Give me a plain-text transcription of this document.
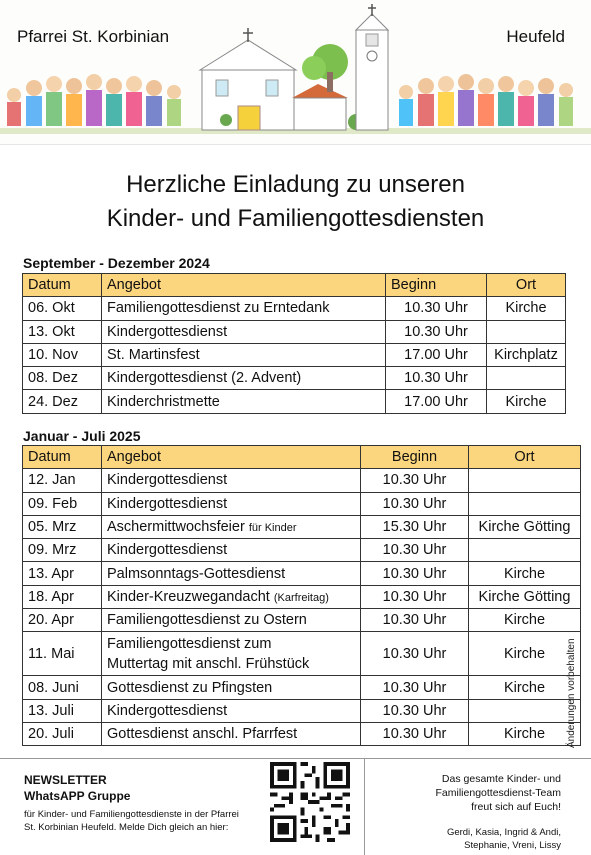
Pfarrei St. Korbinian	Heufeld
Herzliche Einladung zu unseren
Kinder- und Familiengottesdiensten
September - Dezember 2024
Datum	Angebot	Beginn	Ort
06. Okt	Familiengottesdienst zu Erntedank	10.30 Uhr	Kirche
13. Okt	Kindergottesdienst	10.30 Uhr	
10. Nov	St. Martinsfest	17.00 Uhr	Kirchplatz
08. Dez	Kindergottesdienst (2. Advent)	10.30 Uhr	
24. Dez	Kinderchristmette	17.00 Uhr	Kirche
Januar - Juli 2025
Datum	Angebot	Beginn	Ort
12. Jan	Kindergottesdienst	10.30 Uhr	
09. Feb	Kindergottesdienst	10.30 Uhr	
05. Mrz	Aschermittwochsfeier für Kinder	15.30 Uhr	Kirche Götting
09. Mrz	Kindergottesdienst	10.30 Uhr	
13. Apr	Palmsonntags-Gottesdienst	10.30 Uhr	Kirche
18. Apr	Kinder-Kreuzwegandacht (Karfreitag)	10.30 Uhr	Kirche Götting
20. Apr	Familiengottesdienst zu Ostern	10.30 Uhr	Kirche
11. Mai	Familiengottesdienst zum
Muttertag mit anschl. Frühstück	10.30 Uhr	Kirche
08. Juni	Gottesdienst zu Pfingsten	10.30 Uhr	Kirche
13. Juli	Kindergottesdienst	10.30 Uhr	
20. Juli	Gottesdienst anschl. Pfarrfest	10.30 Uhr	Kirche Änderungen vorbehalten
NEWSLETTER
WhatsAPP Gruppe
für Kinder- und Familiengottesdienste in der Pfarrei
St. Korbinian Heufeld. Melde Dich gleich an hier:
Das gesamte Kinder- und
Familiengottesdienst-Team
freut sich auf Euch!
Gerdi, Kasia, Ingrid & Andi,
Stephanie, Vreni, Lissy
